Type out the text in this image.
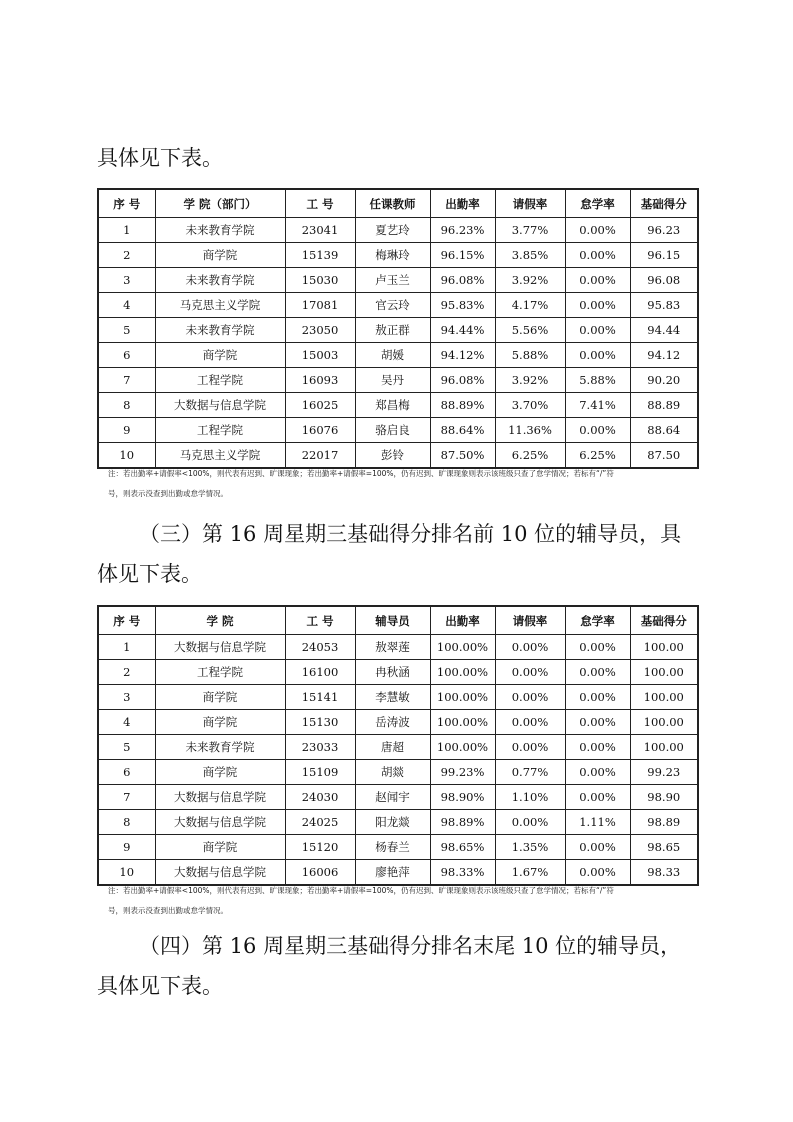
具体见下表。

序 号	学 院（部门）	工 号	任课教师	出勤率	请假率	怠学率	基础得分
1	未来教育学院	23041	夏艺玲	96.23%	3.77%	0.00%	96.23
2	商学院	15139	梅琳玲	96.15%	3.85%	0.00%	96.15
3	未来教育学院	15030	卢玉兰	96.08%	3.92%	0.00%	96.08
4	马克思主义学院	17081	官云玲	95.83%	4.17%	0.00%	95.83
5	未来教育学院	23050	敖正群	94.44%	5.56%	0.00%	94.44
6	商学院	15003	胡媛	94.12%	5.88%	0.00%	94.12
7	工程学院	16093	吴丹	96.08%	3.92%	5.88%	90.20
8	大数据与信息学院	16025	郑昌梅	88.89%	3.70%	7.41%	88.89
9	工程学院	16076	骆启良	88.64%	11.36%	0.00%	88.64
10	马克思主义学院	22017	彭铃	87.50%	6.25%	6.25%	87.50

注：若出勤率+请假率<100%，则代表有迟到、旷课现象；若出勤率+请假率=100%，仍有迟到、旷课现象则表示该班级只查了怠学情况；若标有“/”符

号，则表示没查到出勤或怠学情况。

（三）第 16 周星期三基础得分排名前 10 位的辅导员，具体见下表。

序 号	学 院	工 号	辅导员	出勤率	请假率	怠学率	基础得分
1	大数据与信息学院	24053	敖翠莲	100.00%	0.00%	0.00%	100.00
2	工程学院	16100	冉秋涵	100.00%	0.00%	0.00%	100.00
3	商学院	15141	李慧敏	100.00%	0.00%	0.00%	100.00
4	商学院	15130	岳涛波	100.00%	0.00%	0.00%	100.00
5	未来教育学院	23033	唐超	100.00%	0.00%	0.00%	100.00
6	商学院	15109	胡燚	99.23%	0.77%	0.00%	99.23
7	大数据与信息学院	24030	赵闻宇	98.90%	1.10%	0.00%	98.90
8	大数据与信息学院	24025	阳龙燚	98.89%	0.00%	1.11%	98.89
9	商学院	15120	杨春兰	98.65%	1.35%	0.00%	98.65
10	大数据与信息学院	16006	廖艳萍	98.33%	1.67%	0.00%	98.33

注：若出勤率+请假率<100%，则代表有迟到、旷课现象；若出勤率+请假率=100%，仍有迟到、旷课现象则表示该班级只查了怠学情况；若标有“/”符

号，则表示没查到出勤或怠学情况。

（四）第 16 周星期三基础得分排名末尾 10 位的辅导员，具体见下表。
